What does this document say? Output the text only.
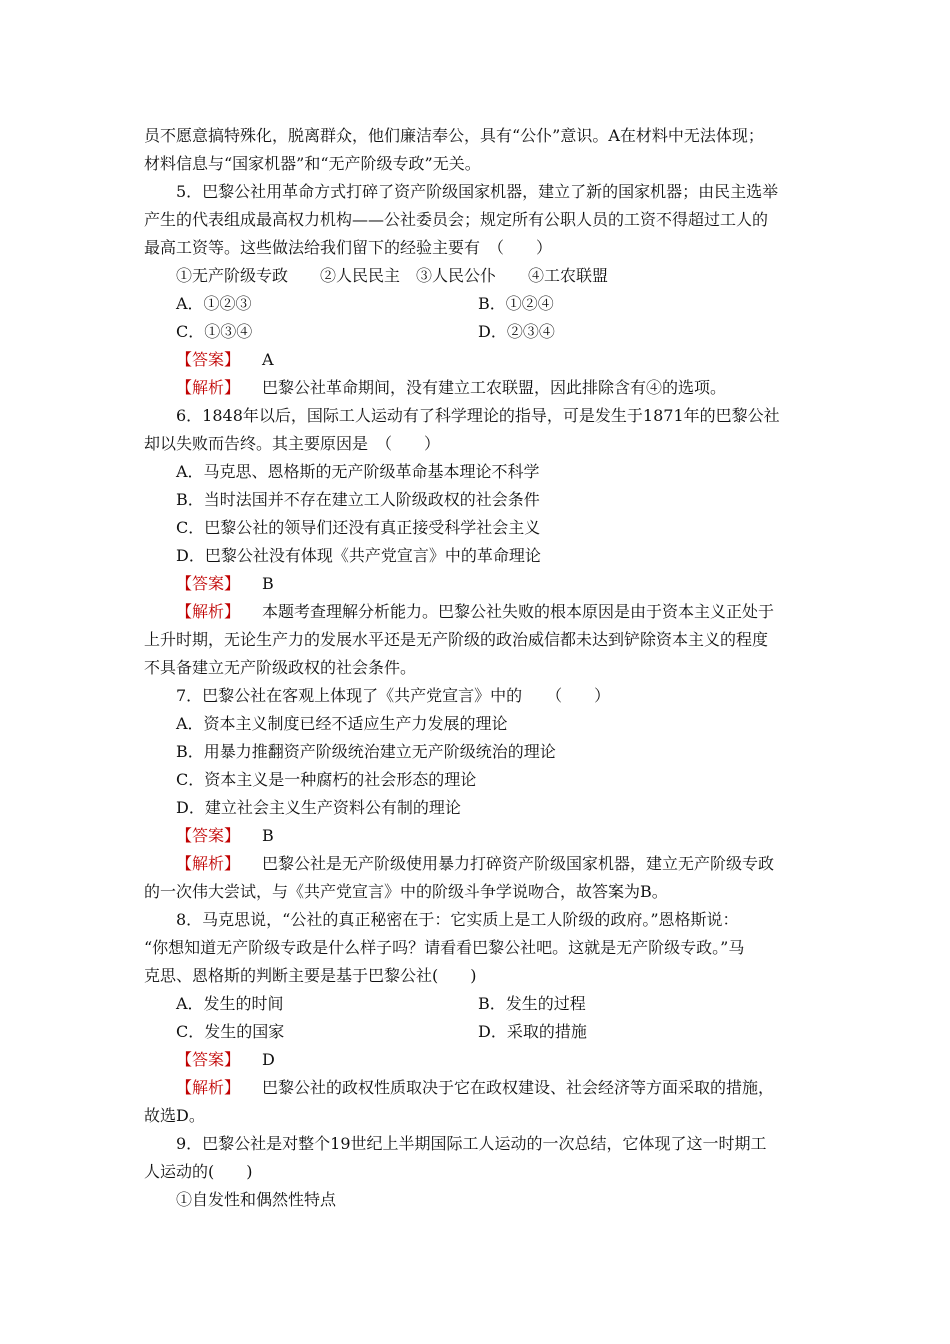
员不愿意搞特殊化，脱离群众，他们廉洁奉公，具有“公仆”意识。A在材料中无法体现；
材料信息与“国家机器”和“无产阶级专政”无关。
5．巴黎公社用革命方式打碎了资产阶级国家机器，建立了新的国家机器；由民主选举
产生的代表组成最高权力机构——公社委员会；规定所有公职人员的工资不得超过工人的
最高工资等。这些做法给我们留下的经验主要有　（　　）
①无产阶级专政　　②人民民主　③人民公仆　　④工农联盟
A．①②③	B．①②④
C．①③④	D．②③④
【答案】 A
【解析】 巴黎公社革命期间，没有建立工农联盟，因此排除含有④的选项。
6．1848年以后，国际工人运动有了科学理论的指导，可是发生于1871年的巴黎公社
却以失败而告终。其主要原因是　（　　）
A．马克思、恩格斯的无产阶级革命基本理论不科学
B．当时法国并不存在建立工人阶级政权的社会条件
C．巴黎公社的领导们还没有真正接受科学社会主义
D．巴黎公社没有体现《共产党宣言》中的革命理论
【答案】 B
【解析】 本题考查理解分析能力。巴黎公社失败的根本原因是由于资本主义正处于
上升时期，无论生产力的发展水平还是无产阶级的政治威信都未达到铲除资本主义的程度
不具备建立无产阶级政权的社会条件。
7．巴黎公社在客观上体现了《共产党宣言》中的　　（　　）
A．资本主义制度已经不适应生产力发展的理论
B．用暴力推翻资产阶级统治建立无产阶级统治的理论
C．资本主义是一种腐朽的社会形态的理论
D．建立社会主义生产资料公有制的理论
【答案】 B
【解析】 巴黎公社是无产阶级使用暴力打碎资产阶级国家机器，建立无产阶级专政
的一次伟大尝试，与《共产党宣言》中的阶级斗争学说吻合，故答案为B。
8．马克思说，“公社的真正秘密在于：它实质上是工人阶级的政府。”恩格斯说：
“你想知道无产阶级专政是什么样子吗？请看看巴黎公社吧。这就是无产阶级专政。”马
克思、恩格斯的判断主要是基于巴黎公社(　　)
A．发生的时间	B．发生的过程
C．发生的国家	D．采取的措施
【答案】 D
【解析】 巴黎公社的政权性质取决于它在政权建设、社会经济等方面采取的措施，
故选D。
9．巴黎公社是对整个19世纪上半期国际工人运动的一次总结，它体现了这一时期工
人运动的(　　)
①自发性和偶然性特点
